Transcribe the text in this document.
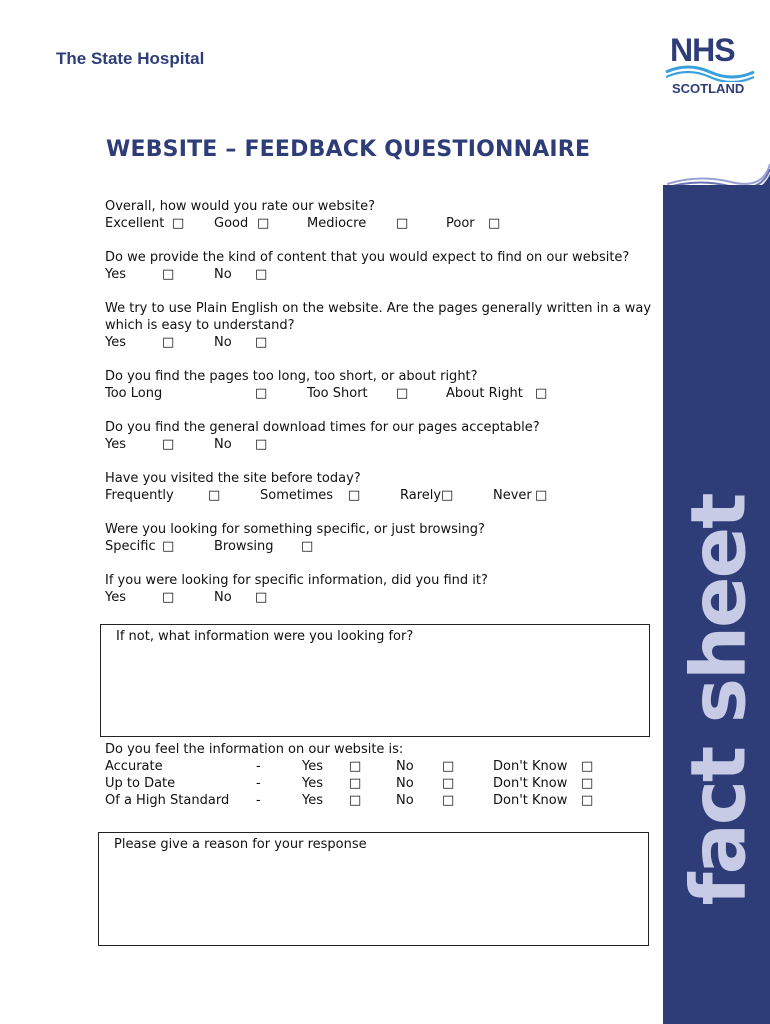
The State Hospital	NHS
SCOTLAND
fact sheet
WEBSITE – FEEDBACK QUESTIONNAIRE
Overall, how would you rate our website?
Excellent □ Good □	Mediocre □	Poor □
Do we provide the kind of content that you would expect to find on our website?
Yes	□	No □
We try to use Plain English on the website. Are the pages generally written in a way
which is easy to understand?
Yes	□	No □
Do you find the pages too long, too short, or about right?
Too Long	□	Too Short □	About Right □
Do you find the general download times for our pages acceptable?
Yes	□	No □
Have you visited the site before today?
Frequently	□	Sometimes □	Rarely □	Never □
Were you looking for something specific, or just browsing?
Specific □	Browsing □
If you were looking for specific information, did you find it?
Yes	□	No □
If not, what information were you looking for?
Do you feel the information on our website is:
Accurate	-	Yes □	No □	Don't Know □
Up to Date	-	Yes □	No □	Don't Know □
Of a High Standard -	Yes □	No □	Don't Know □
Please give a reason for your response
